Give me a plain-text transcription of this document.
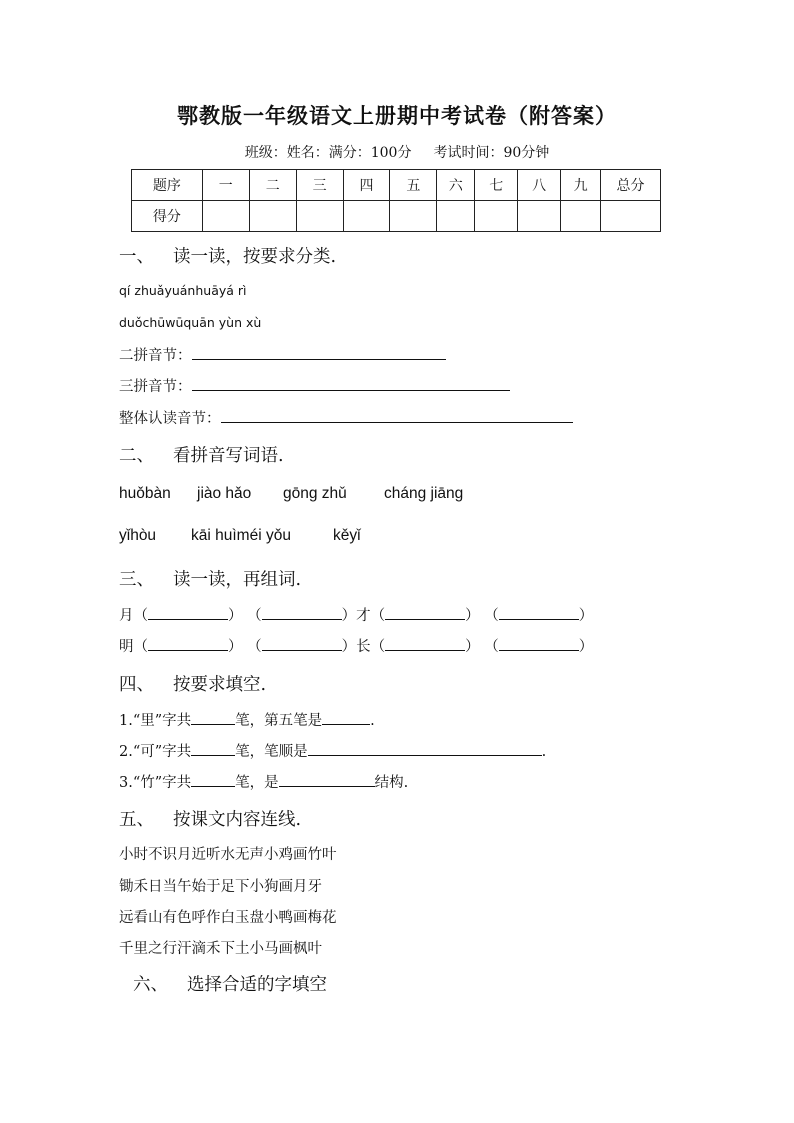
鄂教版一年级语文上册期中考试卷（附答案）
班级：姓名：满分：100分 考试时间：90分钟
题序	一	二	三	四	五	六	七	八	九	总分
得分										
一、 读一读，按要求分类.
qí zhuǎyuánhuāyá rì
duǒchūwūquān yùn xù
二拼音节：
三拼音节：
整体认读音节：
二、 看拼音写词语.
huǒbàn jiào hǎo gōng zhǔ cháng jiāng
yǐhòu kāi huìméi yǒu	kěyǐ
三、 读一读，再组词.
月（	） （	）才（	） （	）
明（	） （	）长（	） （	）
四、 按要求填空.
1.“里”字共	笔，第五笔是	.
2.“可”字共	笔，笔顺是	.
3.“竹”字共	笔，是	结构.
五、 按课文内容连线.
小时不识月近听水无声小鸡画竹叶
锄禾日当午始于足下小狗画月牙
远看山有色呼作白玉盘小鸭画梅花
千里之行汗滴禾下土小马画枫叶
六、 选择合适的字填空
